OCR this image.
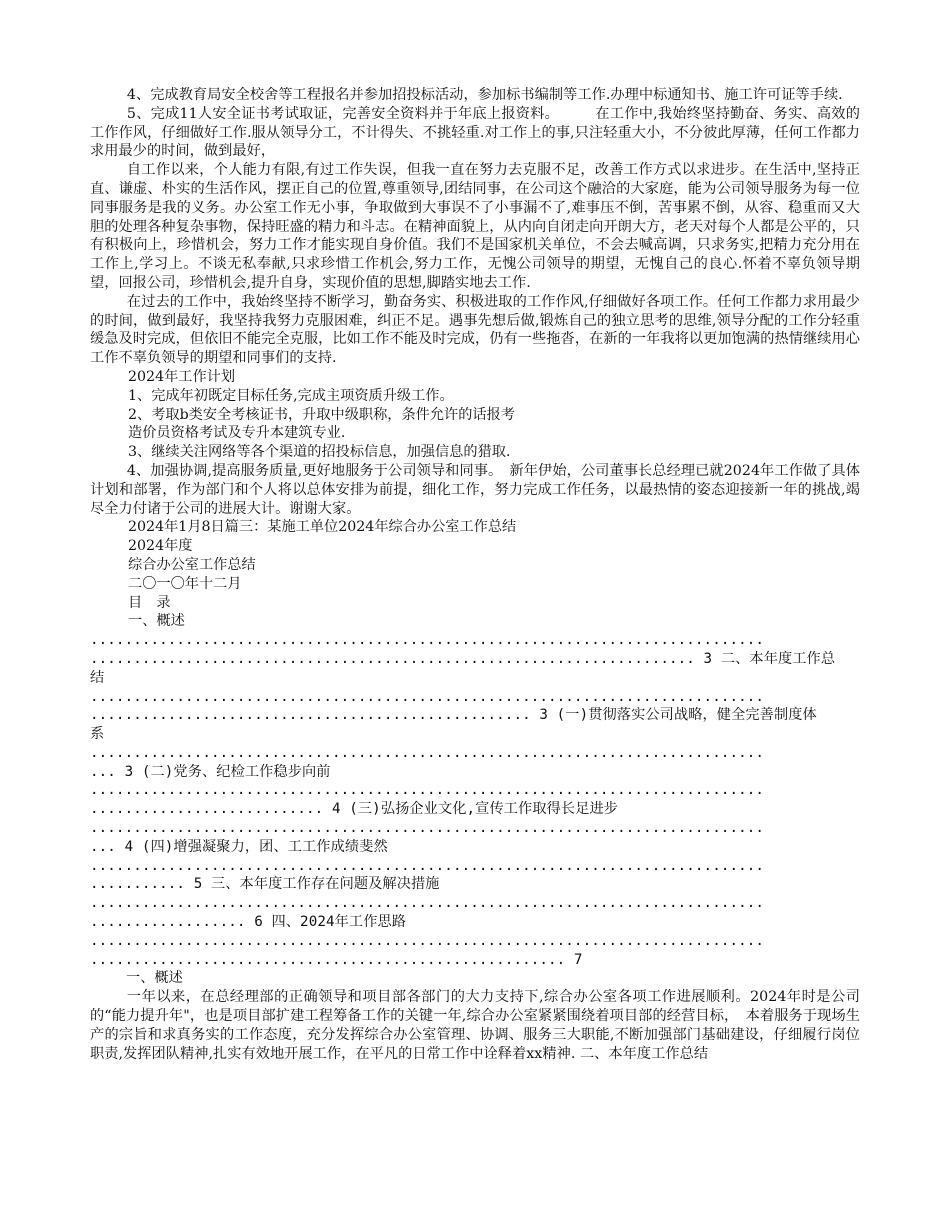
4、完成教育局安全校舍等工程报名并参加招投标活动，参加标书编制等工作.办理中标通知书、施工许可证等手续.
5、完成11人安全证书考试取证，完善安全资料并于年底上报资料。　　　在工作中,我始终坚持勤奋、务实、高效的工作作风，仔细做好工作.服从领导分工，不计得失、不挑轻重.对工作上的事,只注轻重大小，不分彼此厚薄，任何工作都力求用最少的时间，做到最好，
自工作以来，个人能力有限,有过工作失误，但我一直在努力去克服不足，改善工作方式以求进步。在生活中,坚持正直、谦虚、朴实的生活作风，摆正自己的位置,尊重领导,团结同事，在公司这个融洽的大家庭，能为公司领导服务为每一位同事服务是我的义务。办公室工作无小事，争取做到大事误不了小事漏不了,难事压不倒，苦事累不倒，从容、稳重而又大胆的处理各种复杂事物，保持旺盛的精力和斗志。在精神面貌上，从内向自闭走向开朗大方，老天对每个人都是公平的，只有积极向上，珍惜机会，努力工作才能实现自身价值。我们不是国家机关单位，不会去喊高调，只求务实,把精力充分用在工作上,学习上。不谈无私奉献,只求珍惜工作机会,努力工作，无愧公司领导的期望，无愧自己的良心.怀着不辜负领导期望，回报公司，珍惜机会,提升自身，实现价值的思想,脚踏实地去工作.
在过去的工作中，我始终坚持不断学习，勤奋务实、积极进取的工作作风,仔细做好各项工作。任何工作都力求用最少的时间，做到最好，我坚持我努力克服困难，纠正不足。遇事先想后做,锻炼自己的独立思考的思维,领导分配的工作分轻重缓急及时完成，但依旧不能完全克服，比如工作不能及时完成，仍有一些拖沓，在新的一年我将以更加饱满的热情继续用心工作不辜负领导的期望和同事们的支持.
2024年工作计划
1、完成年初既定目标任务,完成主项资质升级工作。
2、考取b类安全考核证书，升取中级职称，条件允许的话报考
造价员资格考试及专升本建筑专业.
3、继续关注网络等各个渠道的招投标信息，加强信息的猎取.
4、加强协调,提高服务质量,更好地服务于公司领导和同事。　新年伊始，公司董事长总经理已就2024年工作做了具体计划和部署，作为部门和个人将以总体安排为前提，细化工作，努力完成工作任务，以最热情的姿态迎接新一年的挑战,竭尽全力付诸于公司的进展大计。谢谢大家。
2024年1月8日篇三：某施工单位2024年综合办公室工作总结
2024年度
综合办公室工作总结
二〇一〇年十二月
目　录
一、概述
..............................................................................
...................................................................... 3 二、本年度工作总
结
..............................................................................
................................................... 3 (一)贯彻落实公司战略，健全完善制度体
系
..............................................................................
... 3 (二)党务、纪检工作稳步向前
..............................................................................
........................... 4 (三)弘扬企业文化,宣传工作取得长足进步
..............................................................................
... 4 (四)增强凝聚力，团、工工作成绩斐然
..............................................................................
........... 5 三、本年度工作存在问题及解决措施
..............................................................................
.................. 6 四、2024年工作思路
..............................................................................
....................................................... 7
一、概述
一年以来，在总经理部的正确领导和项目部各部门的大力支持下,综合办公室各项工作进展顺利。2024年时是公司的“能力提升年"，也是项目部扩建工程筹备工作的关键一年,综合办公室紧紧围绕着项目部的经营目标，　本着服务于现场生产的宗旨和求真务实的工作态度，充分发挥综合办公室管理、协调、服务三大职能,不断加强部门基础建设，仔细履行岗位职责,发挥团队精神,扎实有效地开展工作，在平凡的日常工作中诠释着xx精神. 二、本年度工作总结
